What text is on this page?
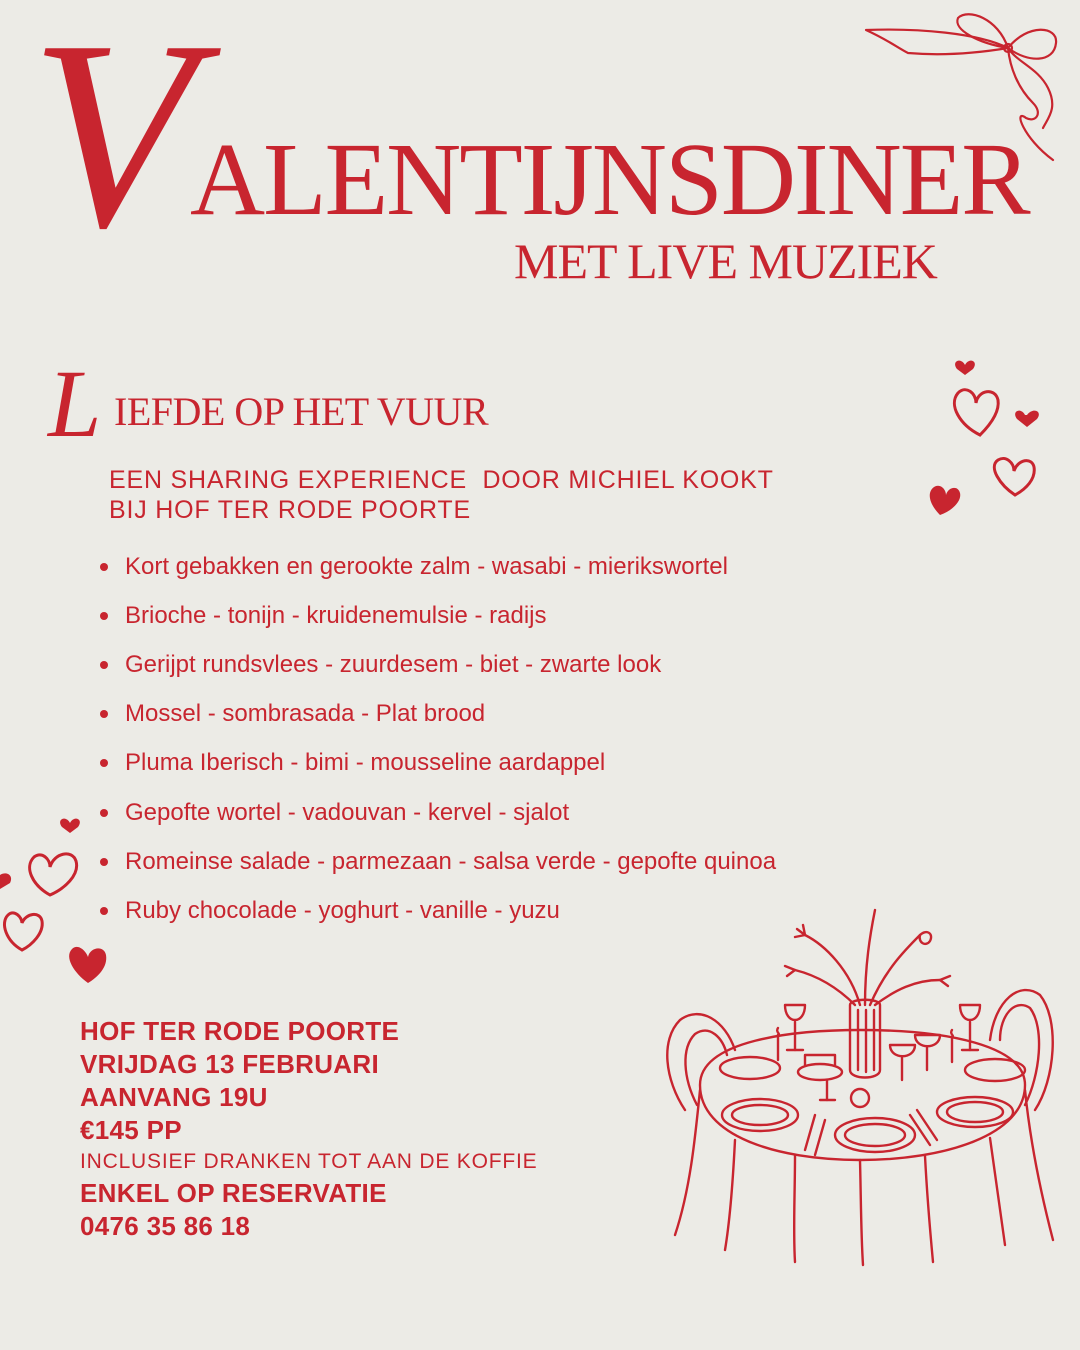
V ALENTIJNSDINER
MET LIVE MUZIEK
L IEFDE OP HET VUUR
EEN SHARING EXPERIENCE  DOOR MICHIEL KOOKT
BIJ HOF TER RODE POORTE
Kort gebakken en gerookte zalm - wasabi - mierikswortel
Brioche - tonijn - kruidenemulsie - radijs
Gerijpt rundsvlees - zuurdesem - biet - zwarte look
Mossel - sombrasada - Plat brood
Pluma Iberisch - bimi - mousseline aardappel
Gepofte wortel - vadouvan - kervel - sjalot
Romeinse salade - parmezaan - salsa verde - gepofte quinoa
Ruby chocolade - yoghurt - vanille - yuzu
HOF TER RODE POORTE
VRIJDAG 13 FEBRUARI
AANVANG 19U
€145 PP
INCLUSIEF DRANKEN TOT AAN DE KOFFIE
ENKEL OP RESERVATIE
0476 35 86 18
